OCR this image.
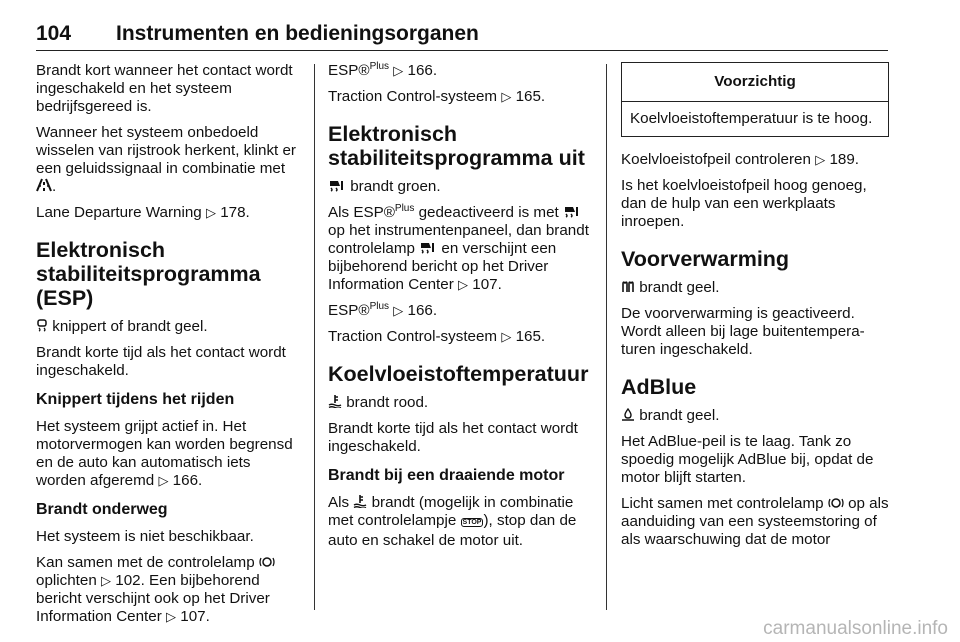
104 Instrumenten en bedieningsorganen

Brandt kort wanneer het contact wordt ingeschakeld en het systeem bedrijfsgereed is.

Wanneer het systeem onbedoeld wisselen van rijstrook herkent, klinkt er een geluidssignaal in combinatie met .

Lane Departure Warning ▷ 178.

Elektronisch stabiliteitsprogramma (ESP)

knippert of brandt geel.

Brandt korte tijd als het contact wordt ingeschakeld.

Knippert tijdens het rijden

Het systeem grijpt actief in. Het motorvermogen kan worden begrensd en de auto kan automatisch iets worden afgeremd ▷ 166.

Brandt onderweg

Het systeem is niet beschikbaar.

Kan samen met de controlelamp  oplichten ▷ 102. Een bijbehorend bericht verschijnt ook op het Driver Information Center ▷ 107.

ESP®$^{Plus}$ ▷ 166.

Traction Control-systeem ▷ 165.

Elektronisch stabiliteitsprogramma uit

brandt groen.

Als ESP®$^{Plus}$ gedeactiveerd is met  op het instrumentenpaneel, dan brandt controlelamp en verschijnt een bijbehorend bericht op het Driver Information Center ▷ 107.

ESP®$^{Plus}$ ▷ 166.

Traction Control-systeem ▷ 165.

Koelvloeistoftemperatuur

brandt rood.

Brandt korte tijd als het contact wordt ingeschakeld.

Brandt bij een draaiende motor

Als brandt (mogelijk in combinatie met controlelampje STOP ), stop dan de auto en schakel de motor uit.

Voorzichtig
Koelvloeistoftemperatuur is te hoog.

Koelvloeistofpeil controleren ▷ 189.

Is het koelvloeistofpeil hoog genoeg, dan de hulp van een werkplaats inroepen.

Voorverwarming

brandt geel.

De voorverwarming is geactiveerd. Wordt alleen bij lage buitentemperaturen ingeschakeld.

AdBlue

brandt geel.

Het AdBlue-peil is te laag. Tank zo spoedig mogelijk AdBlue bij, opdat de motor blijft starten.

Licht samen met controlelamp op als aanduiding van een systeemstoring of als waarschuwing dat de motor

carmanualsonline.info
